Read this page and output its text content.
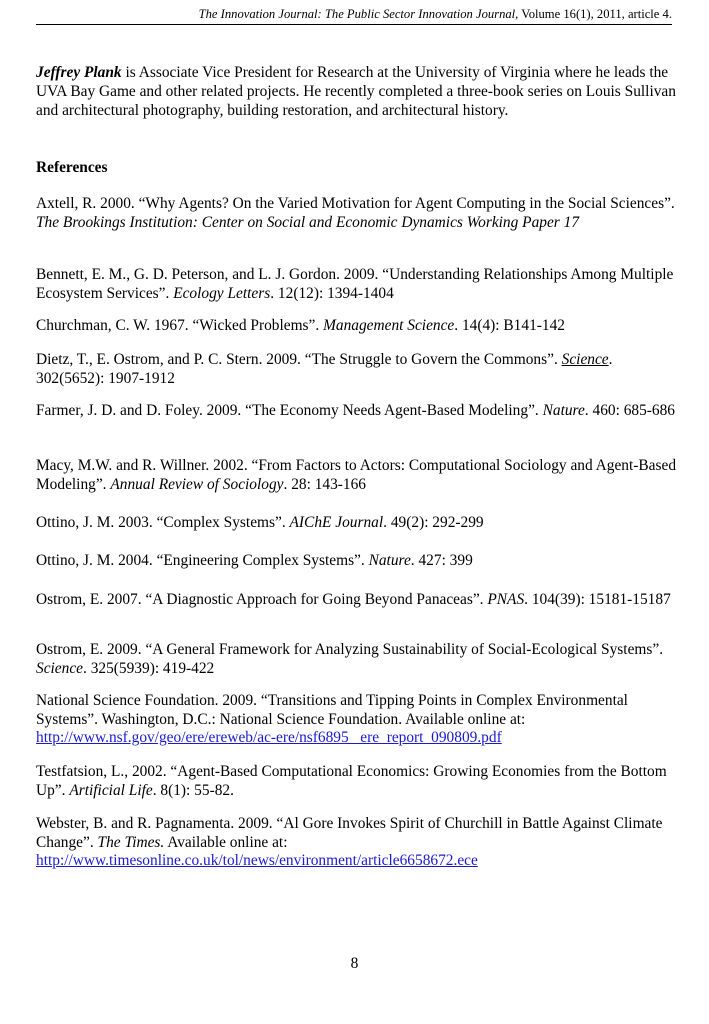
The Innovation Journal: The Public Sector Innovation Journal, Volume 16(1), 2011, article 4.

Jeffrey Plank is Associate Vice President for Research at the University of Virginia where he leads the UVA Bay Game and other related projects. He recently completed a three-book series on Louis Sullivan and architectural photography, building restoration, and architectural history.

References
Axtell, R. 2000. “Why Agents? On the Varied Motivation for Agent Computing in the Social Sciences”. The Brookings Institution: Center on Social and Economic Dynamics Working Paper 17
Bennett, E. M., G. D. Peterson, and L. J. Gordon. 2009. “Understanding Relationships Among Multiple Ecosystem Services”. Ecology Letters. 12(12): 1394-1404
Churchman, C. W. 1967. “Wicked Problems”. Management Science. 14(4): B141-142
Dietz, T., E. Ostrom, and P. C. Stern. 2009. “The Struggle to Govern the Commons”. Science. 302(5652): 1907-1912
Farmer, J. D. and D. Foley. 2009. “The Economy Needs Agent-Based Modeling”. Nature. 460: 685-686
Macy, M.W. and R. Willner. 2002. “From Factors to Actors: Computational Sociology and Agent-Based Modeling”. Annual Review of Sociology. 28: 143-166
Ottino, J. M. 2003. “Complex Systems”. AIChE Journal. 49(2): 292-299
Ottino, J. M. 2004. “Engineering Complex Systems”. Nature. 427: 399
Ostrom, E. 2007. “A Diagnostic Approach for Going Beyond Panaceas”. PNAS. 104(39): 15181-15187
Ostrom, E. 2009. “A General Framework for Analyzing Sustainability of Social-Ecological Systems”. Science. 325(5939): 419-422
National Science Foundation. 2009. “Transitions and Tipping Points in Complex Environmental Systems”. Washington, D.C.: National Science Foundation. Available online at:
http://www.nsf.gov/geo/ere/ereweb/ac-ere/nsf6895 _ere_report_090809.pdf
Testfatsion, L., 2002. “Agent-Based Computational Economics: Growing Economies from the Bottom Up”. Artificial Life. 8(1): 55-82.
Webster, B. and R. Pagnamenta. 2009. “Al Gore Invokes Spirit of Churchill in Battle Against Climate Change”. The Times. Available online at:
http://www.timesonline.co.uk/tol/news/environment/article6658672.ece
8
